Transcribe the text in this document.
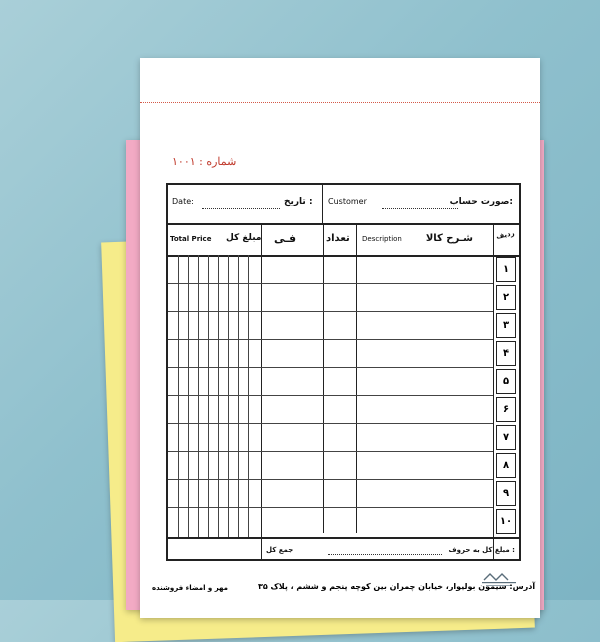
شماره : ۱۰۰۱
صورت حساب:
Customer
تاریخ :
Date:
ردیف
شـرح کالا
Description
تعداد
فـی
مبلغ کل
Total Price
۱
۲
۳
۴
۵
۶
۷
۸
۹
۱۰
مبلغ کل به حروف :
جمع کل
آدرس: سیمون بولیوار، خیابان چمران بین کوچه پنجم و ششم ، پلاک ۳۵
مهر و امضاء فروشنده
